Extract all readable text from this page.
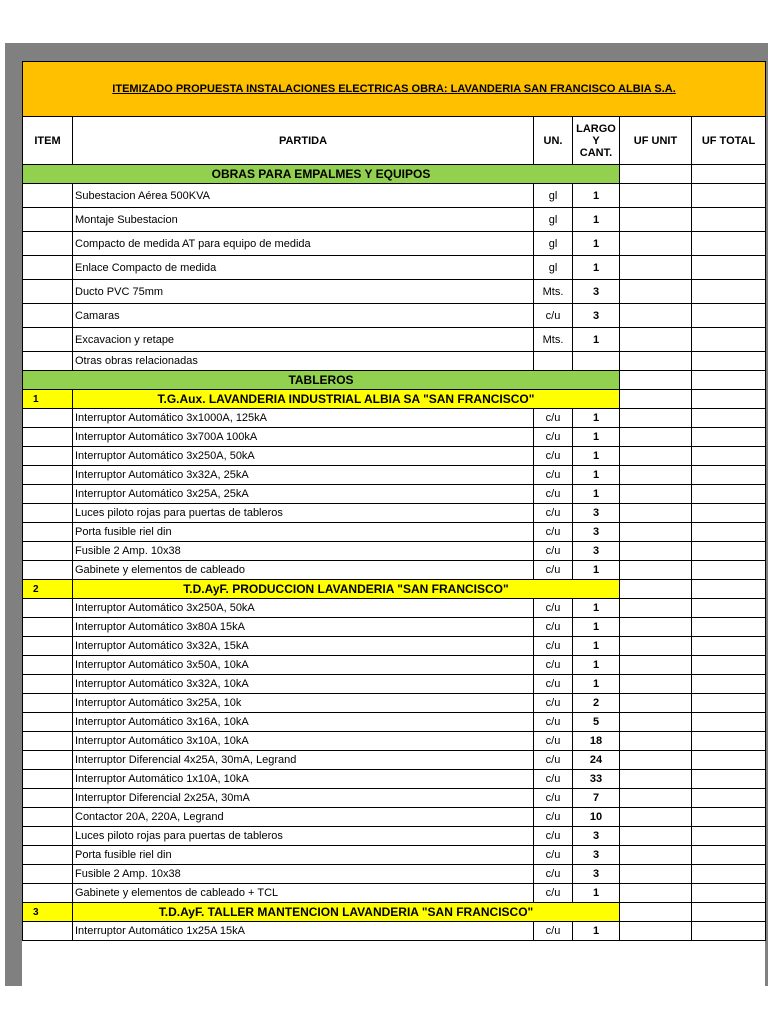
ITEMIZADO PROPUESTA INSTALACIONES ELECTRICAS OBRA: LAVANDERIA SAN FRANCISCO ALBIA S.A.					
ITEM	PARTIDA	UN.	LARGO Y CANT.	UF UNIT	UF TOTAL
OBRAS PARA EMPALMES Y EQUIPOS					
	Subestacion Aérea 500KVA	gl	1		
	Montaje Subestacion	gl	1		
	Compacto de medida AT para equipo de medida	gl	1		
	Enlace Compacto de medida	gl	1		
	Ducto PVC 75mm	Mts.	3		
	Camaras	c/u	3		
	Excavacion y retape	Mts.	1		
	Otras obras relacionadas				
TABLEROS					
1	T.G.Aux. LAVANDERIA INDUSTRIAL ALBIA SA "SAN FRANCISCO"				
	Interruptor Automático 3x1000A, 125kA	c/u	1		
	Interruptor Automático 3x700A 100kA	c/u	1		
	Interruptor Automático 3x250A, 50kA	c/u	1		
	Interruptor Automático 3x32A, 25kA	c/u	1		
	Interruptor Automático 3x25A, 25kA	c/u	1		
	Luces piloto rojas para puertas de tableros	c/u	3		
	Porta fusible riel din	c/u	3		
	Fusible 2 Amp. 10x38	c/u	3		
	Gabinete y elementos de cableado	c/u	1		
2	T.D.AyF. PRODUCCION LAVANDERIA "SAN FRANCISCO"				
	Interruptor Automático 3x250A, 50kA	c/u	1		
	Interruptor Automático 3x80A 15kA	c/u	1		
	Interruptor Automático 3x32A, 15kA	c/u	1		
	Interruptor Automático 3x50A, 10kA	c/u	1		
	Interruptor Automático 3x32A, 10kA	c/u	1		
	Interruptor Automático 3x25A, 10k	c/u	2		
	Interruptor Automático 3x16A, 10kA	c/u	5		
	Interruptor Automático 3x10A, 10kA	c/u	18		
	Interruptor Diferencial 4x25A, 30mA, Legrand	c/u	24		
	Interruptor Automático 1x10A, 10kA	c/u	33		
	Interruptor Diferencial 2x25A, 30mA	c/u	7		
	Contactor 20A, 220A, Legrand	c/u	10		
	Luces piloto rojas para puertas de tableros	c/u	3		
	Porta fusible riel din	c/u	3		
	Fusible 2 Amp. 10x38	c/u	3		
	Gabinete y elementos de cableado + TCL	c/u	1		
3	T.D.AyF. TALLER MANTENCION LAVANDERIA "SAN FRANCISCO"				
	Interruptor Automático 1x25A 15kA	c/u	1		
